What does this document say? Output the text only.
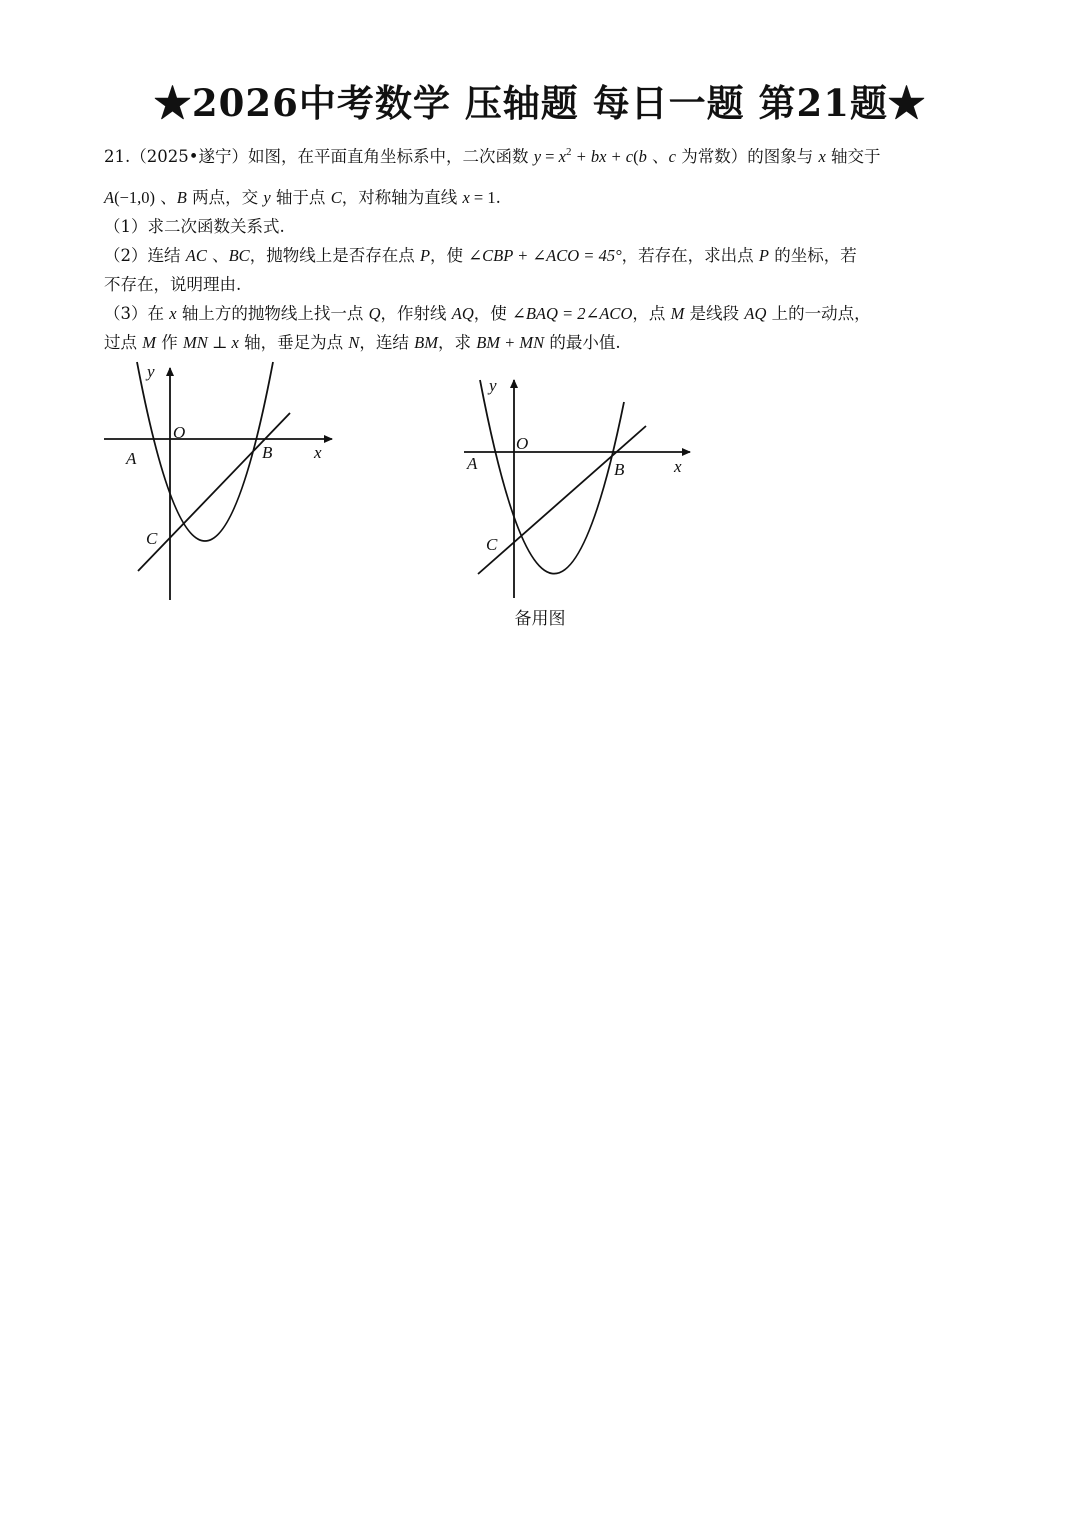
★2026中考数学 压轴题 每日一题 第21题★
21.（2025•遂宁）如图，在平面直角坐标系中，二次函数 $y = x^2$ + bx + c(b 、c 为常数）的图象与 x 轴交于
A(−1,0) 、B 两点，交 y 轴于点 C，对称轴为直线 x = 1.
（1）求二次函数关系式.
（2）连结 AC 、BC，抛物线上是否存在点 P，使 ∠CBP + ∠ACO = 45°，若存在，求出点 P 的坐标，若
不存在，说明理由.
（3）在 x 轴上方的抛物线上找一点 Q，作射线 AQ，使 ∠BAQ = 2∠ACO，点 M 是线段 AQ 上的一动点，
过点 M 作 MN ⊥ x 轴，垂足为点 N，连结 BM，求 BM + MN 的最小值.
y
O
x
A	B
C
y
O
x
A	B
C
备用图
